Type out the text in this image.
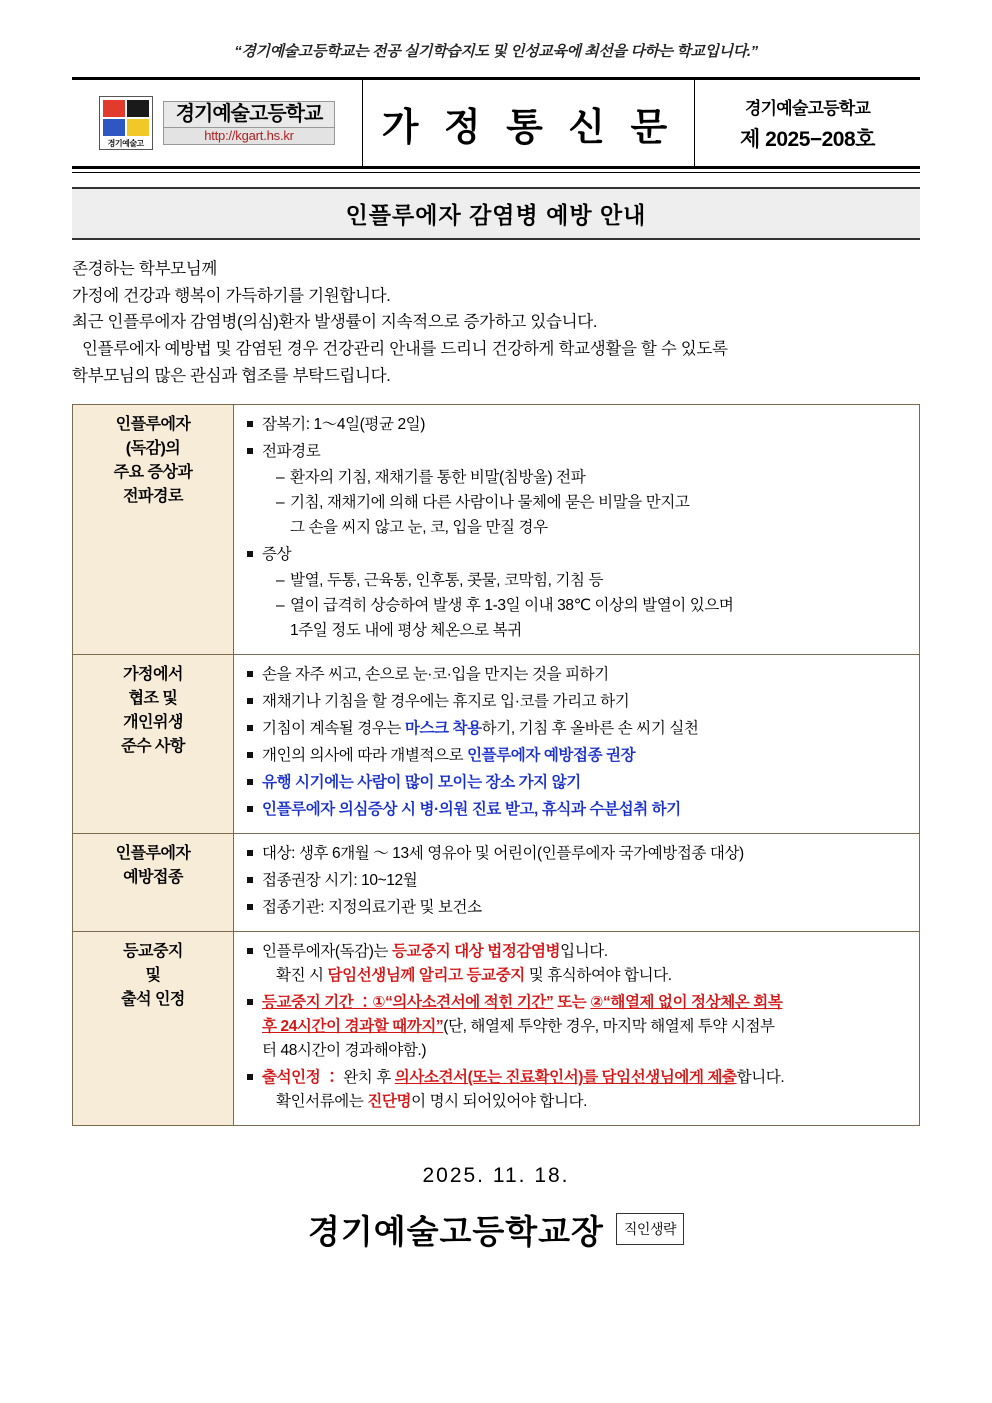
“경기예술고등학교는 전공 실기학습지도 및 인성교육에 최선을 다하는 학교입니다.”
경기예술고
경기예술고등학교
http://kgart.hs.kr	가 정 통 신 문	경기예술고등학교
제 2025−208호
인플루에자 감염병 예방 안내

존경하는 학부모님께

가정에 건강과 행복이 가득하기를 기원합니다.

최근 인플루에자 감염병(의심)환자 발생률이 지속적으로 증가하고 있습니다.

인플루에자 예방법 및 감염된 경우 건강관리 안내를 드리니 건강하게 학교생활을 할 수 있도록

학부모님의 많은 관심과 협조를 부탁드립니다.

인플루에자
(독감)의
주요 증상과
전파경로

잠복기: 1～4일(평균 2일)
전파경로
– 환자의 기침, 재채기를 통한 비말(침방울) 전파
– 기침, 재채기에 의해 다른 사람이나 물체에 묻은 비말을 만지고
그 손을 씨지 않고 눈, 코, 입을 만질 경우
증상
– 발열, 두통, 근육통, 인후통, 콧물, 코막힘, 기침 등
– 열이 급격히 상승하여 발생 후 1-3일 이내 38℃ 이상의 발열이 있으며
1주일 정도 내에 평상 체온으로 복귀

가정에서
협조 및
개인위생
준수 사항

손을 자주 씨고, 손으로 눈·코·입을 만지는 것을 피하기
재채기나 기침을 할 경우에는 휴지로 입·코를 가리고 하기
기침이 계속될 경우는 마스크 착용하기, 기침 후 올바른 손 씨기 실천
개인의 의사에 따라 개별적으로 인플루에자 예방접종 권장
유행 시기에는 사람이 많이 모이는 장소 가지 않기
인플루에자 의심증상 시 병·의원 진료 받고, 휴식과 수분섭취 하기

인플루에자
예방접종

대상: 생후 6개월 ～ 13세 영유아 및 어린이(인플루에자 국가예방접종 대상)
접종권장 시기: 10~12월
접종기관: 지정의료기관 및 보건소

등교중지
및
출석 인정

인플루에자(독감)는 등교중지 대상 법정감염병입니다.
확진 시 담임선생님께 알리고 등교중지 및 휴식하여야 합니다.
등교중지 기간 ：①“의사소견서에 적힌 기간” 또는 ②“해열제 없이 정상체온 회복
후 24시간이 경과할 때까지”(단, 해열제 투약한 경우, 마지막 해열제 투약 시점부
터 48시간이 경과해야함.)
출석인정 ： 완치 후 의사소견서(또는 진료확인서)를 담임선생님에게 제출합니다.
확인서류에는 진단명이 명시 되어있어야 합니다.
2025. 11. 18.
경기예술고등학교장	직인생략
